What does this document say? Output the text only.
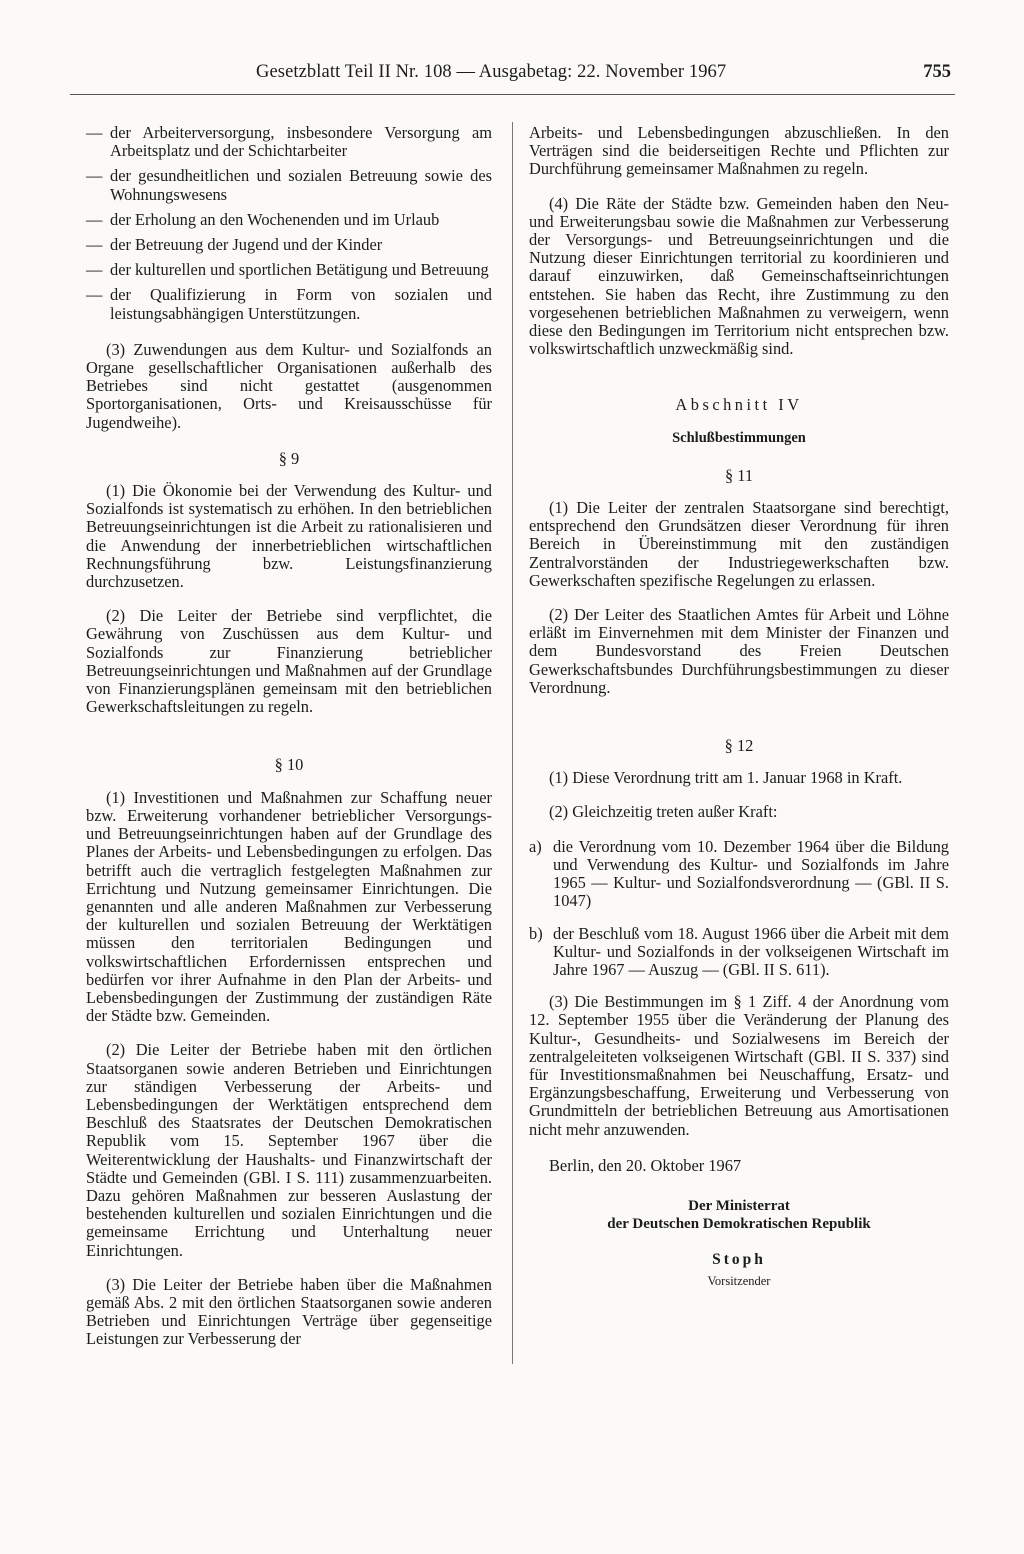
Gesetzblatt Teil II Nr. 108 — Ausgabetag: 22. November 1967	755
— der Arbeiterversorgung, insbesondere Versorgung am Arbeitsplatz und der Schichtarbeiter

— der gesundheitlichen und sozialen Betreuung sowie des Wohnungswesens

— der Erholung an den Wochenenden und im Urlaub

— der Betreuung der Jugend und der Kinder

— der kulturellen und sportlichen Betätigung und Betreuung

— der Qualifizierung in Form von sozialen und leistungsabhängigen Unterstützungen.

(3) Zuwendungen aus dem Kultur- und Sozialfonds an Organe gesellschaftlicher Organisationen außerhalb des Betriebes sind nicht gestattet (ausgenommen Sportorganisationen, Orts- und Kreisausschüsse für Jugendweihe).

§ 9

(1) Die Ökonomie bei der Verwendung des Kultur- und Sozialfonds ist systematisch zu erhöhen. In den betrieblichen Betreuungseinrichtungen ist die Arbeit zu rationalisieren und die Anwendung der innerbetrieblichen wirtschaftlichen Rechnungsführung bzw. Leistungsfinanzierung durchzusetzen.

(2) Die Leiter der Betriebe sind verpflichtet, die Gewährung von Zuschüssen aus dem Kultur- und Sozialfonds zur Finanzierung betrieblicher Betreuungseinrichtungen und Maßnahmen auf der Grundlage von Finanzierungsplänen gemeinsam mit den betrieblichen Gewerkschaftsleitungen zu regeln.

§ 10

(1) Investitionen und Maßnahmen zur Schaffung neuer bzw. Erweiterung vorhandener betrieblicher Versorgungs- und Betreuungseinrichtungen haben auf der Grundlage des Planes der Arbeits- und Lebensbedingungen zu erfolgen. Das betrifft auch die vertraglich festgelegten Maßnahmen zur Errichtung und Nutzung gemeinsamer Einrichtungen. Die genannten und alle anderen Maßnahmen zur Verbesserung der kulturellen und sozialen Betreuung der Werktätigen müssen den territorialen Bedingungen und volkswirtschaftlichen Erfordernissen entsprechen und bedürfen vor ihrer Aufnahme in den Plan der Arbeits- und Lebensbedingungen der Zustimmung der zuständigen Räte der Städte bzw. Gemeinden.

(2) Die Leiter der Betriebe haben mit den örtlichen Staatsorganen sowie anderen Betrieben und Einrichtungen zur ständigen Verbesserung der Arbeits- und Lebensbedingungen der Werktätigen entsprechend dem Beschluß des Staatsrates der Deutschen Demokratischen Republik vom 15. September 1967 über die Weiterentwicklung der Haushalts- und Finanzwirtschaft der Städte und Gemeinden (GBl. I S. 111) zusammenzuarbeiten. Dazu gehören Maßnahmen zur besseren Auslastung der bestehenden kulturellen und sozialen Einrichtungen und die gemeinsame Errichtung und Unterhaltung neuer Einrichtungen.

(3) Die Leiter der Betriebe haben über die Maßnahmen gemäß Abs. 2 mit den örtlichen Staatsorganen sowie anderen Betrieben und Einrichtungen Verträge über gegenseitige Leistungen zur Verbesserung der

Arbeits- und Lebensbedingungen abzuschließen. In den Verträgen sind die beiderseitigen Rechte und Pflichten zur Durchführung gemeinsamer Maßnahmen zu regeln.

(4) Die Räte der Städte bzw. Gemeinden haben den Neu- und Erweiterungsbau sowie die Maßnahmen zur Verbesserung der Versorgungs- und Betreuungseinrichtungen und die Nutzung dieser Einrichtungen territorial zu koordinieren und darauf einzuwirken, daß Gemeinschaftseinrichtungen entstehen. Sie haben das Recht, ihre Zustimmung zu den vorgesehenen betrieblichen Maßnahmen zu verweigern, wenn diese den Bedingungen im Territorium nicht entsprechen bzw. volkswirtschaftlich unzweckmäßig sind.

Abschnitt IV

Schlußbestimmungen

§ 11

(1) Die Leiter der zentralen Staatsorgane sind berechtigt, entsprechend den Grundsätzen dieser Verordnung für ihren Bereich in Übereinstimmung mit den zuständigen Zentralvorständen der Industriegewerkschaften bzw. Gewerkschaften spezifische Regelungen zu erlassen.

(2) Der Leiter des Staatlichen Amtes für Arbeit und Löhne erläßt im Einvernehmen mit dem Minister der Finanzen und dem Bundesvorstand des Freien Deutschen Gewerkschaftsbundes Durchführungsbestimmungen zu dieser Verordnung.

§ 12

(1) Diese Verordnung tritt am 1. Januar 1968 in Kraft.

(2) Gleichzeitig treten außer Kraft:

a) die Verordnung vom 10. Dezember 1964 über die Bildung und Verwendung des Kultur- und Sozialfonds im Jahre 1965 — Kultur- und Sozialfondsverordnung — (GBl. II S. 1047)

b) der Beschluß vom 18. August 1966 über die Arbeit mit dem Kultur- und Sozialfonds in der volkseigenen Wirtschaft im Jahre 1967 — Auszug — (GBl. II S. 611).

(3) Die Bestimmungen im § 1 Ziff. 4 der Anordnung vom 12. September 1955 über die Veränderung der Planung des Kultur-, Gesundheits- und Sozialwesens im Bereich der zentralgeleiteten volkseigenen Wirtschaft (GBl. II S. 337) sind für Investitionsmaßnahmen bei Neuschaffung, Ersatz- und Ergänzungsbeschaffung, Erweiterung und Verbesserung von Grundmitteln der betrieblichen Betreuung aus Amortisationen nicht mehr anzuwenden.

Berlin, den 20. Oktober 1967

Der Ministerrat

der Deutschen Demokratischen Republik

Stoph

Vorsitzender
